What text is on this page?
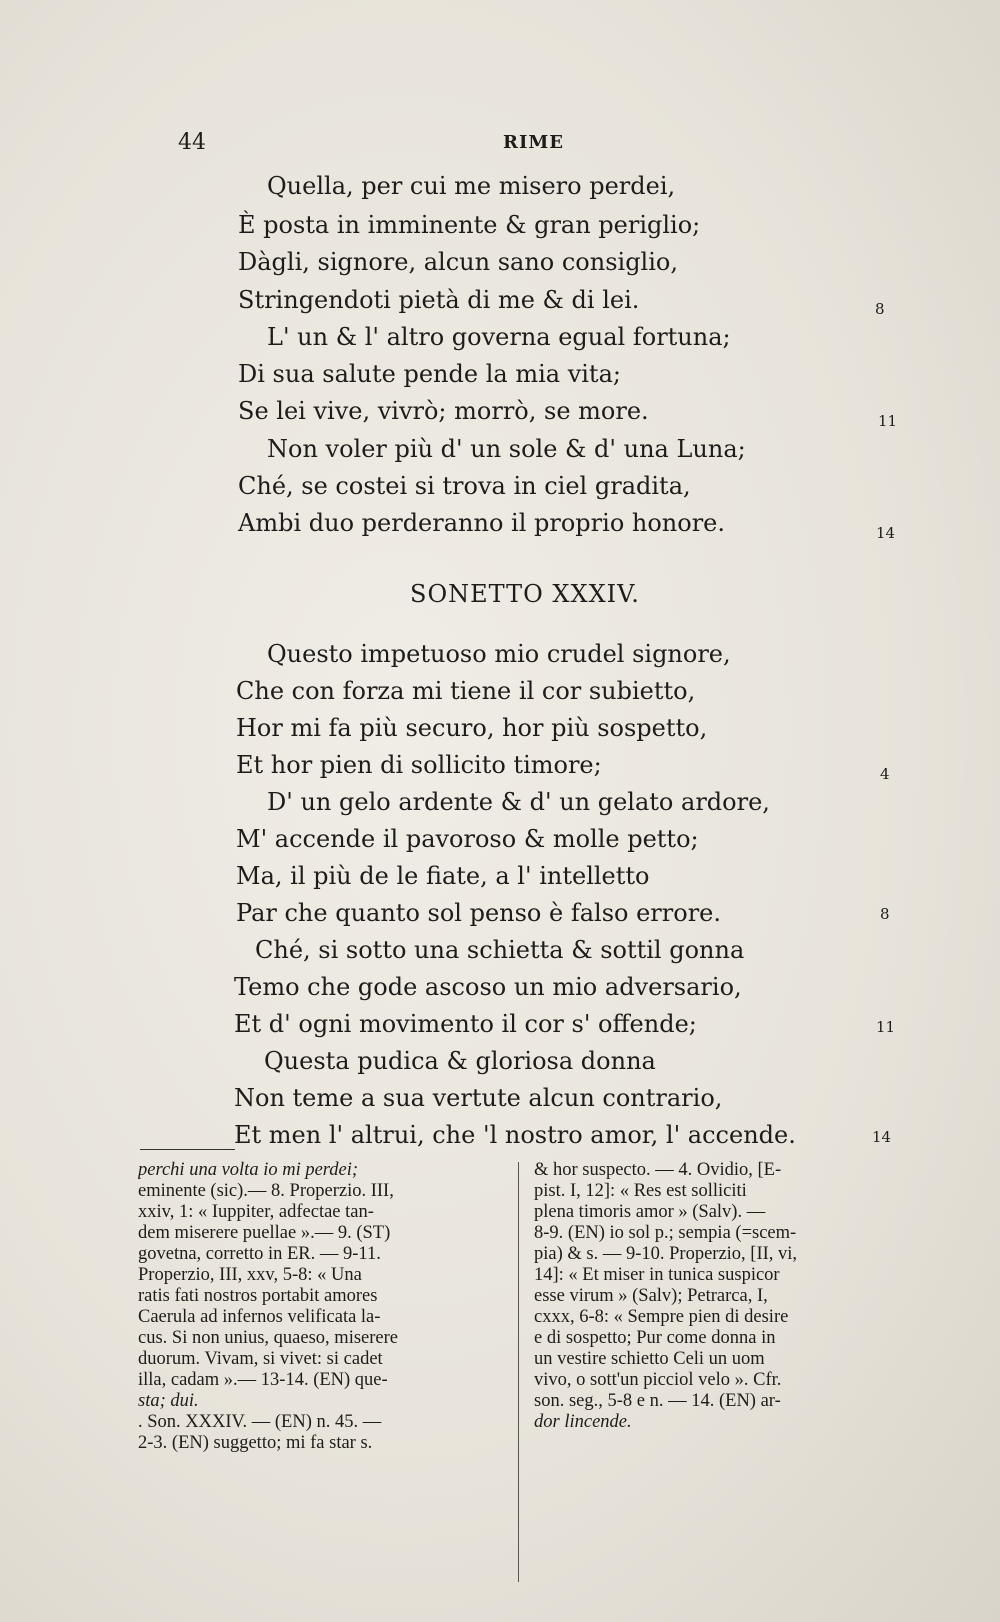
44	RIME
Quella, per cui me misero perdei,
È posta in imminente & gran periglio;
Dàgli, signore, alcun sano consiglio,
Stringendoti pietà di me & di lei.
L' un & l' altro governa egual fortuna;
Di sua salute pende la mia vita;
Se lei vive, vivrò; morrò, se more.
Non voler più d' un sole & d' una Luna;
Ché, se costei si trova in ciel gradita,
Ambi duo perderanno il proprio honore.
8
11
14
SONETTO XXXIV.
Questo impetuoso mio crudel signore,
Che con forza mi tiene il cor subietto,
Hor mi fa più securo, hor più sospetto,
Et hor pien di sollicito timore;
D' un gelo ardente & d' un gelato ardore,
M' accende il pavoroso & molle petto;
Ma, il più de le fiate, a l' intelletto
Par che quanto sol penso è falso errore.
Ché, si sotto una schietta & sottil gonna
Temo che gode ascoso un mio adversario,
Et d' ogni movimento il cor s' offende;
Questa pudica & gloriosa donna
Non teme a sua vertute alcun contrario,
Et men l' altrui, che 'l nostro amor, l' accende.
4
8
11
14
perchi una volta io mi perdei;
eminente (sic).— 8. Properzio. III,
xxiv, 1: « Iuppiter, adfectae tan-
dem miserere puellae ».— 9. (ST)
govetna, corretto in ER. — 9-11.
Properzio, III, xxv, 5-8: « Una
ratis fati nostros portabit amores
Caerula ad infernos velificata la-
cus. Si non unius, quaeso, miserere
duorum. Vivam, si vivet: si cadet
illa, cadam ».— 13-14. (EN) que-
sta; dui.
. Son. XXXIV. — (EN) n. 45. —
2-3. (EN) suggetto; mi fa star s.
& hor suspecto. — 4. Ovidio, [E-
pist. I, 12]: « Res est solliciti
plena timoris amor » (Salv). —
8-9. (EN) io sol p.; sempia (=scem-
pia) & s. — 9-10. Properzio, [II, vi,
14]: « Et miser in tunica suspicor
esse virum » (Salv); Petrarca, I,
cxxx, 6-8: « Sempre pien di desire
e di sospetto; Pur come donna in
un vestire schietto Celi un uom
vivo, o sott'un picciol velo ». Cfr.
son. seg., 5-8 e n. — 14. (EN) ar-
dor lincende.
